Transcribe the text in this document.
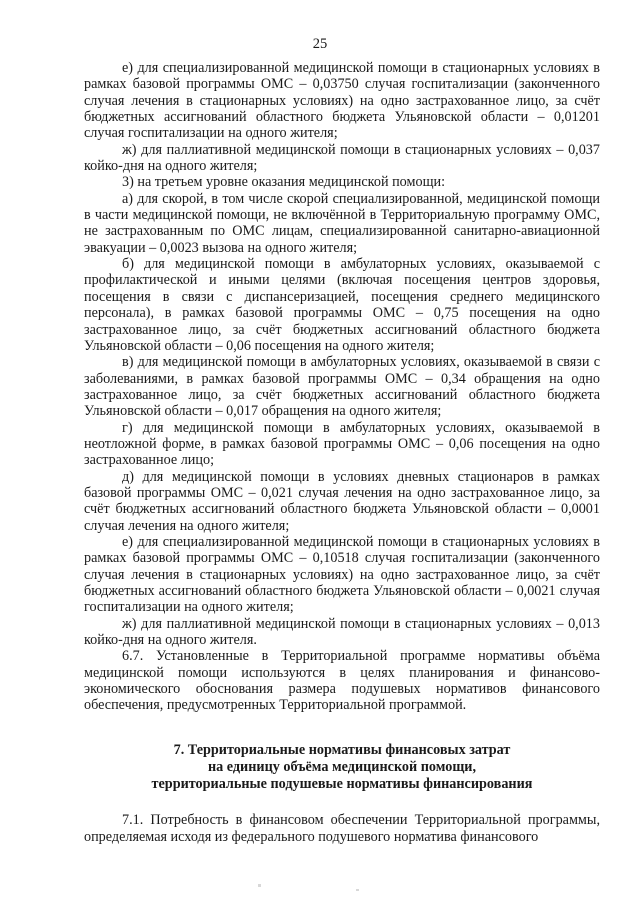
25

е) для специализированной медицинской помощи в стационарных условиях в рамках базовой программы ОМС – 0,03750 случая госпитализации (законченного случая лечения в стационарных условиях) на одно застрахованное лицо, за счёт бюджетных ассигнований областного бюджета Ульяновской области – 0,01201 случая госпитализации на одного жителя;

ж) для паллиативной медицинской помощи в стационарных условиях – 0,037 койко-дня на одного жителя;

3) на третьем уровне оказания медицинской помощи:

а) для скорой, в том числе скорой специализированной, медицинской помощи в части медицинской помощи, не включённой в Территориальную программу ОМС, не застрахованным по ОМС лицам, специализированной санитарно-авиационной эвакуации – 0,0023 вызова на одного жителя;

б) для медицинской помощи в амбулаторных условиях, оказываемой с профилактической и иными целями (включая посещения центров здоровья, посещения в связи с диспансеризацией, посещения среднего медицинского персонала), в рамках базовой программы ОМС – 0,75 посещения на одно застрахованное лицо, за счёт бюджетных ассигнований областного бюджета Ульяновской области – 0,06 посещения на одного жителя;

в) для медицинской помощи в амбулаторных условиях, оказываемой в связи с заболеваниями, в рамках базовой программы ОМС – 0,34 обращения на одно застрахованное лицо, за счёт бюджетных ассигнований областного бюджета Ульяновской области – 0,017 обращения на одного жителя;

г) для медицинской помощи в амбулаторных условиях, оказываемой в неотложной форме, в рамках базовой программы ОМС – 0,06 посещения на одно застрахованное лицо;

д) для медицинской помощи в условиях дневных стационаров в рамках базовой программы ОМС – 0,021 случая лечения на одно застрахованное лицо, за счёт бюджетных ассигнований областного бюджета Ульяновской области – 0,0001 случая лечения на одного жителя;

е) для специализированной медицинской помощи в стационарных условиях в рамках базовой программы ОМС – 0,10518 случая госпитализации (законченного случая лечения в стационарных условиях) на одно застрахованное лицо, за счёт бюджетных ассигнований областного бюджета Ульяновской области – 0,0021 случая госпитализации на одного жителя;

ж) для паллиативной медицинской помощи в стационарных условиях – 0,013 койко-дня на одного жителя.

6.7. Установленные в Территориальной программе нормативы объёма медицинской помощи используются в целях планирования и финансово-экономического обоснования размера подушевых нормативов финансового обеспечения, предусмотренных Территориальной программой.

7. Территориальные нормативы финансовых затрат
на единицу объёма медицинской помощи,
территориальные подушевые нормативы финансирования

7.1. Потребность в финансовом обеспечении Территориальной программы, определяемая исходя из федерального подушевого норматива финансового
